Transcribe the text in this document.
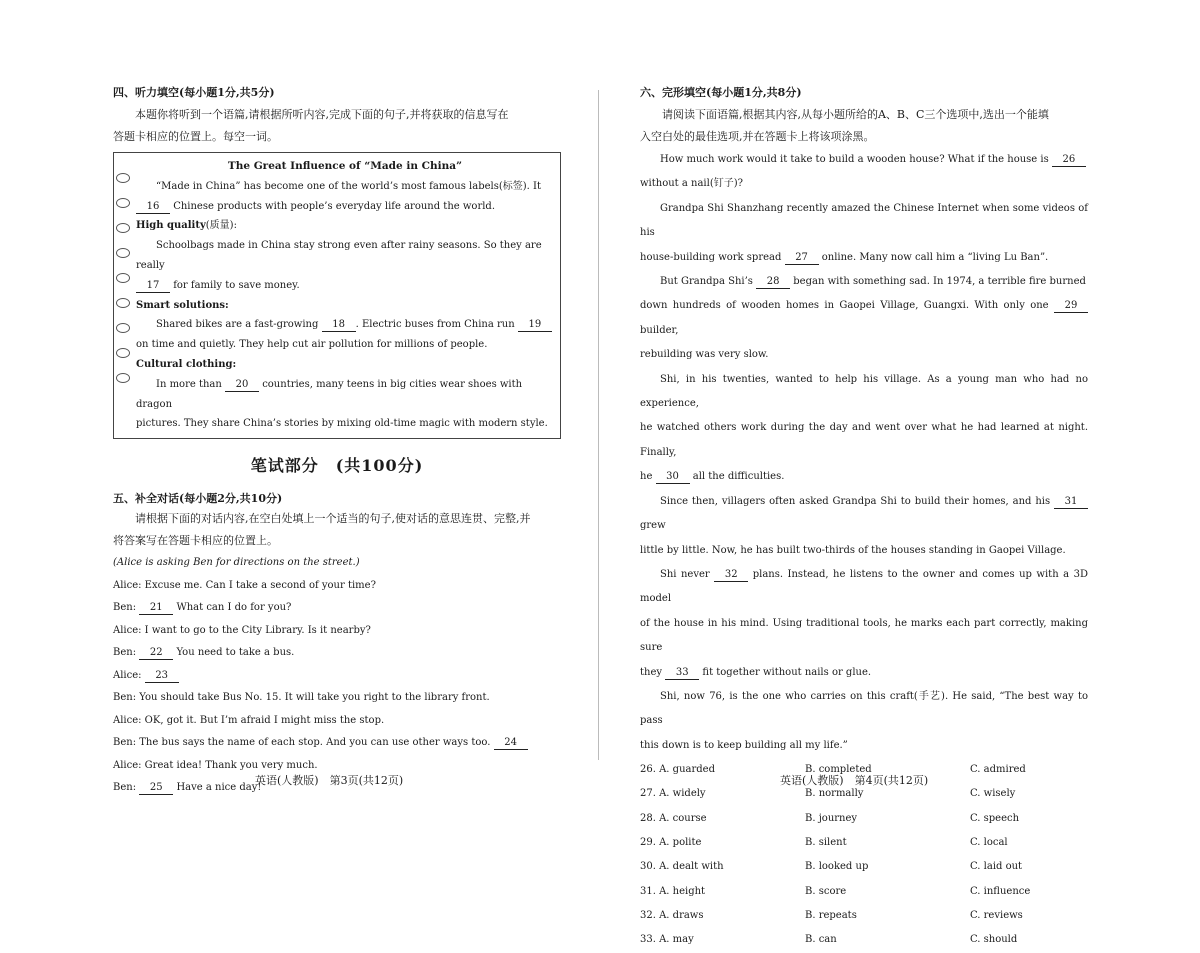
四、听力填空(每小题1分,共5分)

本题你将听到一个语篇,请根据所听内容,完成下面的句子,并将获取的信息写在

答题卡相应的位置上。每空一词。

The Great Influence of “Made in China”

“Made in China” has become one of the world’s most famous labels(标签). It

16 Chinese products with people’s everyday life around the world.

High quality(质量):

Schoolbags made in China stay strong even after rainy seasons. So they are really

17 for family to save money.

Smart solutions:

Shared bikes are a fast-growing 18 . Electric buses from China run 19

on time and quietly. They help cut air pollution for millions of people.

Cultural clothing:

In more than 20 countries, many teens in big cities wear shoes with dragon

pictures. They share China’s stories by mixing old-time magic with modern style.

笔试部分　(共100分)

五、补全对话(每小题2分,共10分)

请根据下面的对话内容,在空白处填上一个适当的句子,使对话的意思连贯、完整,并

将答案写在答题卡相应的位置上。

(Alice is asking Ben for directions on the street.)

Alice: Excuse me. Can I take a second of your time?

Ben: 21 What can I do for you?

Alice: I want to go to the City Library. Is it nearby?

Ben: 22 You need to take a bus.

Alice: 23

Ben: You should take Bus No. 15. It will take you right to the library front.

Alice: OK, got it. But I’m afraid I might miss the stop.

Ben: The bus says the name of each stop. And you can use other ways too. 24

Alice: Great idea! Thank you very much.

Ben: 25 Have a nice day!

英语(人教版)　第3页(共12页)

六、完形填空(每小题1分,共8分)

请阅读下面语篇,根据其内容,从每小题所给的A、B、C三个选项中,选出一个能填

入空白处的最佳选项,并在答题卡上将该项涂黑。

How much work would it take to build a wooden house? What if the house is 26

without a nail(钉子)?

Grandpa Shi Shanzhang recently amazed the Chinese Internet when some videos of his

house-building work spread 27 online. Many now call him a “living Lu Ban”.

But Grandpa Shi’s 28 began with something sad. In 1974, a terrible fire burned

down hundreds of wooden homes in Gaopei Village, Guangxi. With only one 29 builder,

rebuilding was very slow.

Shi, in his twenties, wanted to help his village. As a young man who had no experience,

he watched others work during the day and went over what he had learned at night. Finally,

he 30 all the difficulties.

Since then, villagers often asked Grandpa Shi to build their homes, and his 31 grew

little by little. Now, he has built two-thirds of the houses standing in Gaopei Village.

Shi never 32 plans. Instead, he listens to the owner and comes up with a 3D model

of the house in his mind. Using traditional tools, he marks each part correctly, making sure

they 33 fit together without nails or glue.

Shi, now 76, is the one who carries on this craft(手艺). He said, “The best way to pass

this down is to keep building all my life.”

26. A. guarded	B. completed	C. admired
27. A. widely	B. normally	C. wisely
28. A. course	B. journey	C. speech
29. A. polite	B. silent	C. local
30. A. dealt with	B. looked up	C. laid out
31. A. height	B. score	C. influence
32. A. draws	B. repeats	C. reviews
33. A. may	B. can	C. should
英语(人教版)　第4页(共12页)
